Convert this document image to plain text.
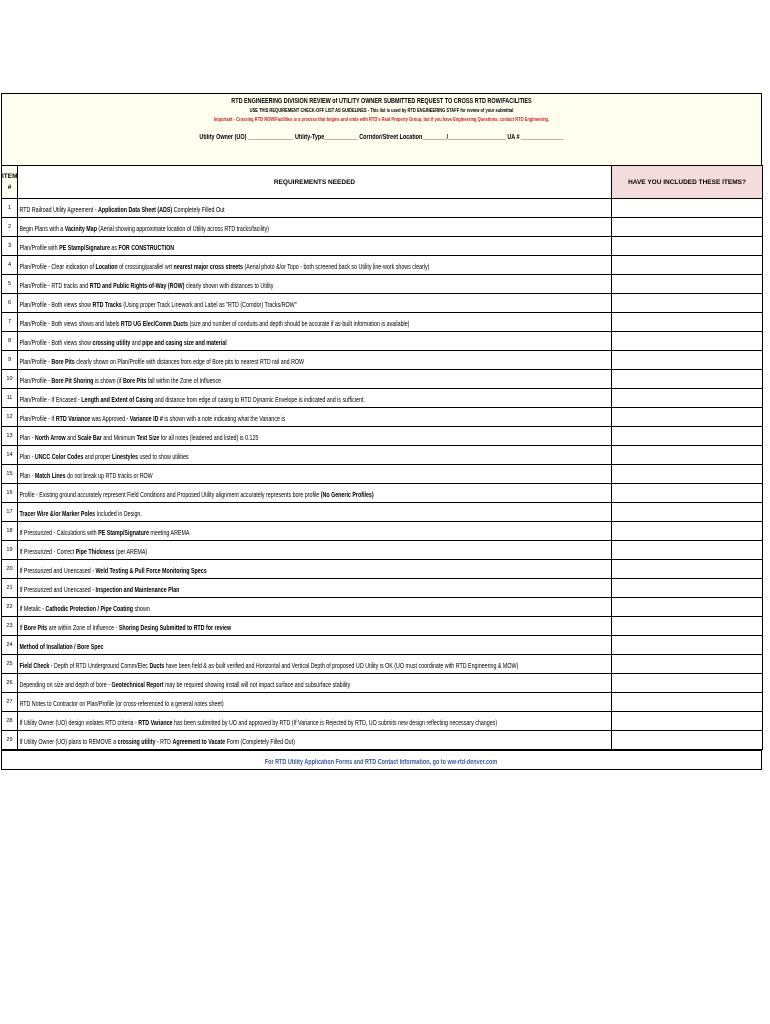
RTD ENGINEERING DIVISION REVIEW of UTILITY OWNER SUBMITTED REQUEST TO CROSS RTD ROW/FACILITIES
USE THIS REQUIREMENT CHECK-OFF LIST AS GUIDELINES - This list is used by RTD ENGINEERING STAFF for review of your submittal
Important - Crossing RTD ROW/Facilities is a process that begins and ends with RTD's Real Property Group, but if you have Engineering Questions, contact RTD Engineering.
Utility Owner (UO) _______________ Utility-Type___________ Corridor/Street Location________/___________________ UA # ______________
ITEM
#	REQUIREMENTS NEEDED	HAVE YOU INCLUDED THESE ITEMS?
1	RTD Railroad Utility Agreement - Application Data Sheet (ADS) Completely Filled Out	
2	Begin Plans with a Vacinity Map (Aerial showing approximate location of Utility across RTD tracks/facility)	
3	Plan/Profile with PE Stamp/Signature as FOR CONSTRUCTION	
4	Plan/Profile - Clear indication of Location of crossing/parallel wrt nearest major cross streets (Aerial photo &/or Topo - both screened back so Utility line-work shows clearly)	
5	Plan/Profile - RTD tracks and RTD and Public Rights-of-Way (ROW) clearly shown with distances to Utility	
6	Plan/Profile - Both views show RTD Tracks (Using proper Track Linework and Label as "RTD (Corridor) Tracks/ROW"	
7	Plan/Profile - Both views shows and labels RTD UG Elec/Comm Ducts (size and number of conduits and depth should be accurate if as-built information is available)	
8	Plan/Profile - Both views show crossing utility and pipe and casing size and material	
9	Plan/Profile - Bore Pits clearly shown on Plan/Profile with distances from edge of Bore pits to nearest RTD rail and ROW	
10	Plan/Profile - Bore Pit Shoring is shown (if Bore Pits fall within the Zone of Influence	
11	Plan/Profile - If Encased - Length and Extent of Casing and distance from edge of casing to RTD Dynamic Envelope is indicated and is sufficient.	
12	Plan/Profile - If RTD Variance was Approved - Variance ID # is shown with a note indicating what the Variance is	
13	Plan - North Arrow and Scale Bar and Minimum Text Size for all notes (leadered and listed) is 0.125	
14	Plan - UNCC Color Codes and proper Linestyles used to show utilities	
15	Plan - Match Lines do not break up RTD tracks or ROW	
16	Profile - Existing ground accurately represent Field Conditions and Proposed Utility alignment accurately represents bore profile (No Generic Profiles)	
17	Tracer Wire &/or Marker Poles Included in Design.	
18	If Pressurized - Calculations with PE Stamp/Signature meeting AREMA	
19	If Pressurized - Correct Pipe Thickness (per AREMA)	
20	If Pressurized and Unencased - Weld Testing & Pull Force Monitoring Specs	
21	If Pressurized and Unencased - Inspection and Maintenance Plan	
22	If Metalic - Cathodic Protection / Pipe Coating shown	
23	If Bore Pits are within Zone of Influence - Shoring Desing Submitted to RTD for review	
24	Method of Insallation / Bore Spec	
25	Field Check - Depth of RTD Underground Comm/Elec Ducts have been field & as-built verified and Horizontal and Vertical Depth of proposed UO Utility is OK (UO must coordinate with RTD Engineering & MOW)	
26	Depending on size and depth of bore - Geotechnical Report may be required showing install will not impact surface and subsurface stability	
27	RTD Notes to Contractor on Plan/Profile (or cross-referenced to a general notes sheet)	
28	If Utility Owner (UO) design violates RTD criteria - RTD Variance has been submitted by UO and approved by RTD (If Variance is Rejected by RTD, UO submits new design reflecting necessary changes)	
29	If Utility Owner (UO) plans to REMOVE a crossing utility - RTD Agreement to Vacate Form (Completely Filled Out)	
For RTD Utility Application Forms and RTD Contact Information, go to ww-rtd-denver.com
